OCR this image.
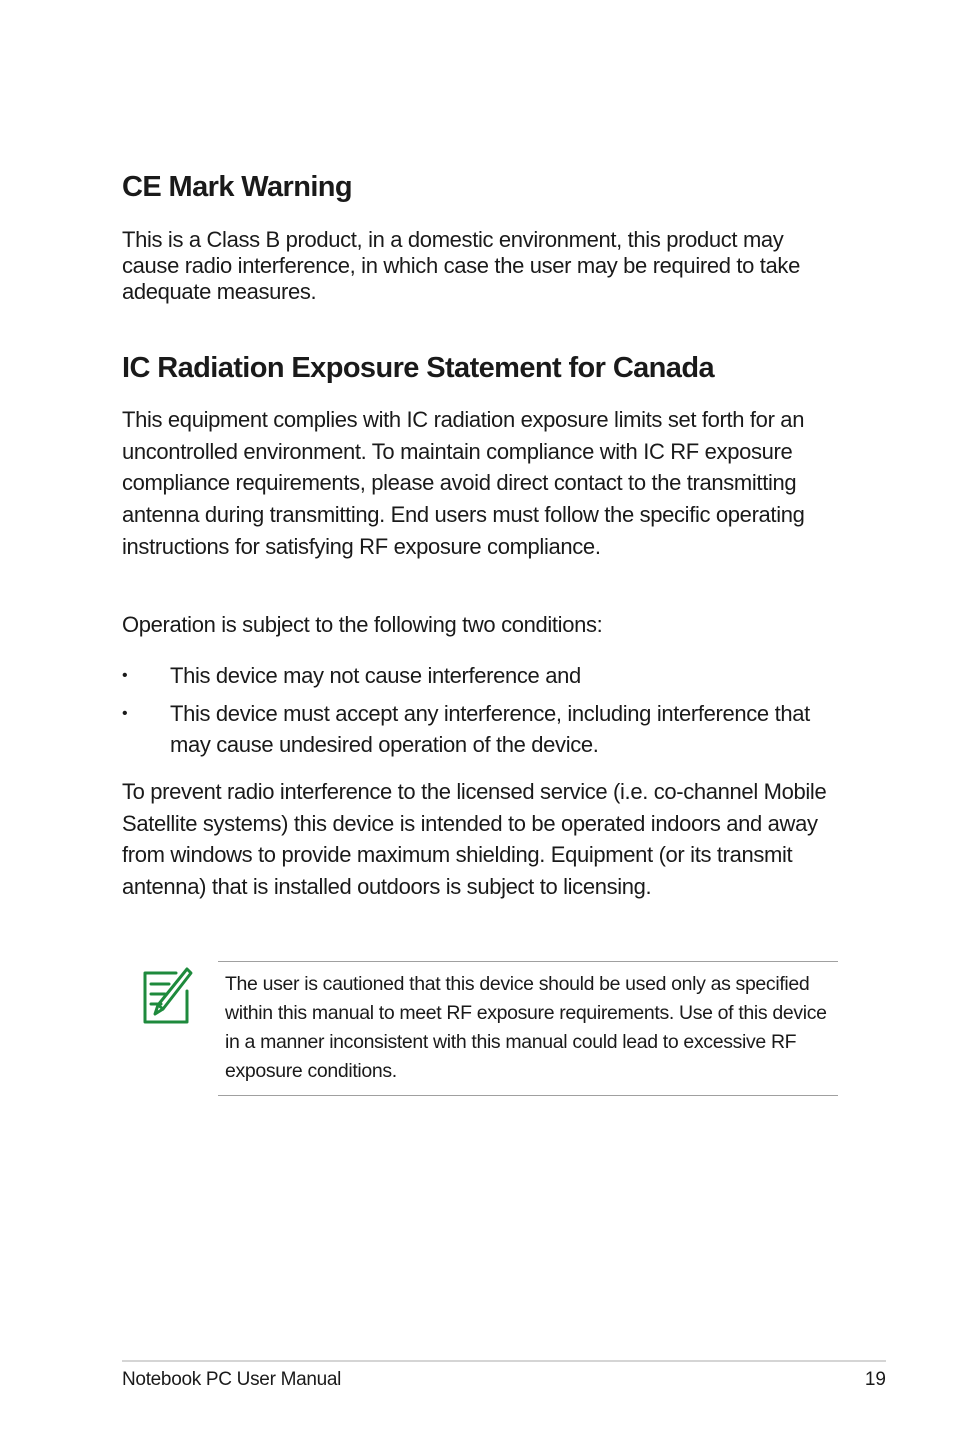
CE Mark Warning

This is a Class B product, in a domestic environment, this product may cause radio interference, in which case the user may be required to take adequate measures.

IC Radiation Exposure Statement for Canada

This equipment complies with IC radiation exposure limits set forth for an uncontrolled environment. To maintain compliance with IC RF exposure compliance requirements, please avoid direct contact to the transmitting antenna during transmitting. End users must follow the specific operating instructions for satisfying RF exposure compliance.

Operation is subject to the following two conditions:

• This device may not cause interference and
• This device must accept any interference, including interference that may cause undesired operation of the device.

To prevent radio interference to the licensed service (i.e. co-channel Mobile Satellite systems) this device is intended to be operated indoors and away from windows to provide maximum shielding. Equipment (or its transmit antenna) that is installed outdoors is subject to licensing.

The user is cautioned that this device should be used only as specified within this manual to meet RF exposure requirements. Use of this device in a manner inconsistent with this manual could lead to excessive RF exposure conditions.

Notebook PC User Manual	19
